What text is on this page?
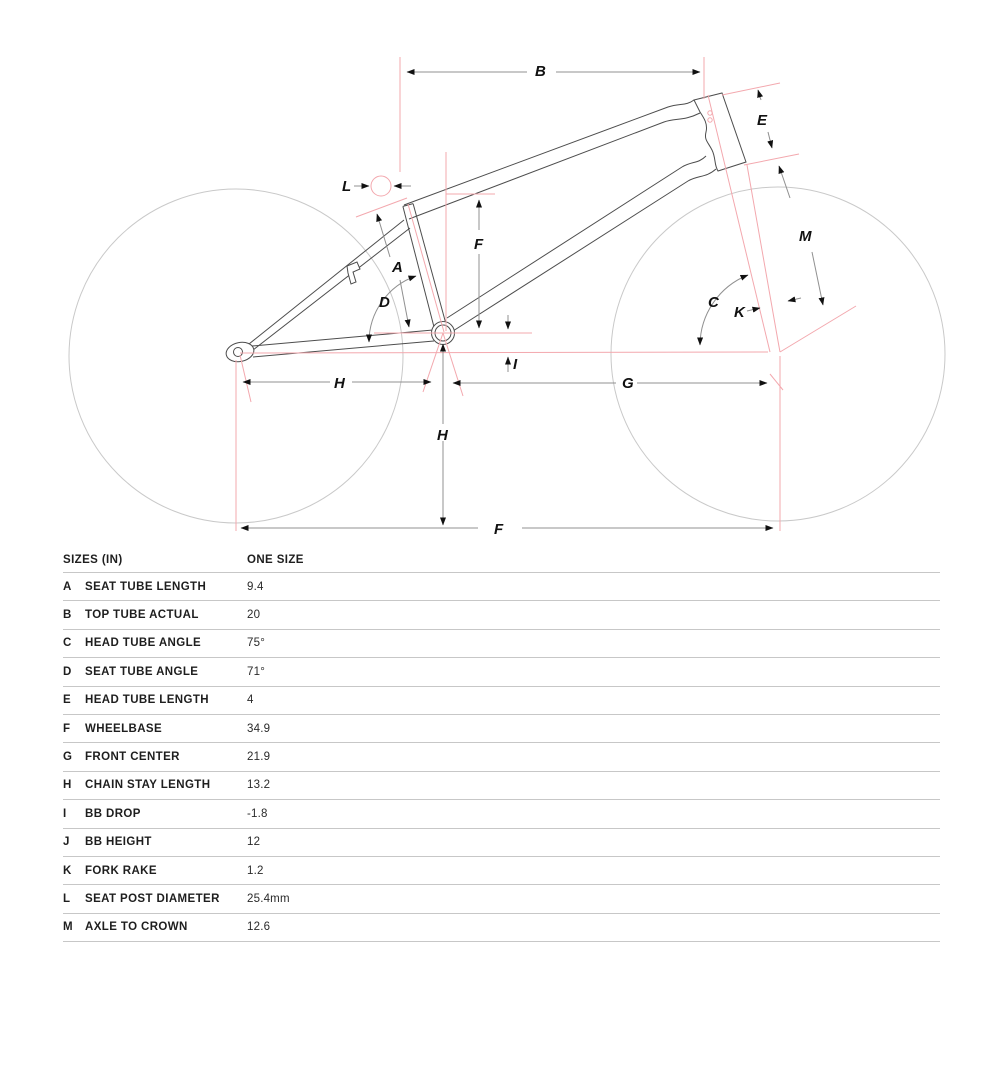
L
B
E
M
C
K
A
D
F
I
H	G
H
F
SIZES (IN)	ONE SIZE
A	SEAT TUBE LENGTH	9.4
B	TOP TUBE ACTUAL	20
C	HEAD TUBE ANGLE	75°
D	SEAT TUBE ANGLE	71°
E	HEAD TUBE LENGTH	4
F	WHEELBASE	34.9
G	FRONT CENTER	21.9
H	CHAIN STAY LENGTH	13.2
I	BB DROP	-1.8
J	BB HEIGHT	12
K	FORK RAKE	1.2
L	SEAT POST DIAMETER	25.4mm
M	AXLE TO CROWN	12.6
